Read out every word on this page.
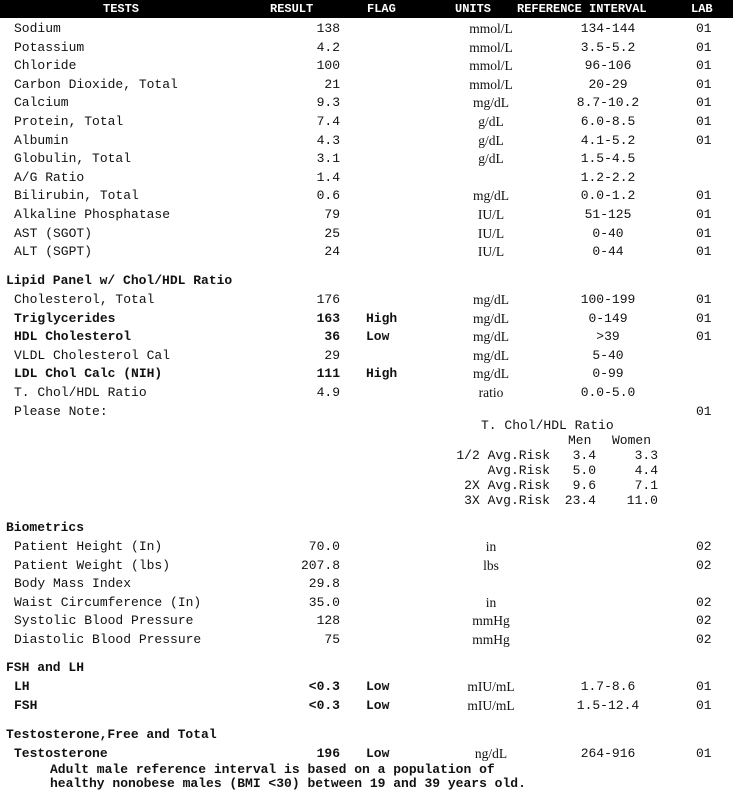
TESTS	RESULT	FLAG	UNITS REFERENCE INTERVAL	LAB
Sodium	138	mmol/L	134-144	01
Potassium	4.2	mmol/L	3.5-5.2	01
Chloride	100	mmol/L	96-106	01
Carbon Dioxide, Total	21	mmol/L	20-29	01
Calcium	9.3	mg/dL	8.7-10.2	01
Protein, Total	7.4	g/dL	6.0-8.5	01
Albumin	4.3	g/dL	4.1-5.2	01
Globulin, Total	3.1	g/dL	1.5-4.5
A/G Ratio	1.4	1.2-2.2
Bilirubin, Total	0.6	mg/dL	0.0-1.2	01
Alkaline Phosphatase	79	IU/L	51-125	01
AST (SGOT)	25	IU/L	0-40	01
ALT (SGPT)	24	IU/L	0-44	01
Lipid Panel w/ Chol/HDL Ratio
Cholesterol, Total	176	mg/dL	100-199	01
Triglycerides	163 High	mg/dL	0-149	01
HDL Cholesterol	36 Low	mg/dL	>39	01
VLDL Cholesterol Cal	29	mg/dL	5-40
LDL Chol Calc (NIH)	111 High	mg/dL	0-99
T. Chol/HDL Ratio	4.9	ratio	0.0-5.0
Please Note:	01
T. Chol/HDL Ratio
Men Women
1/2 Avg.Risk	3.4	3.3
Avg.Risk	5.0	4.4
2X Avg.Risk	9.6	7.1
3X Avg.Risk 23.4	11.0
Biometrics
Patient Height (In)	70.0	in	02
Patient Weight (lbs)	207.8	lbs	02
Body Mass Index	29.8
Waist Circumference (In)	35.0	in	02
Systolic Blood Pressure	128	mmHg	02
Diastolic Blood Pressure	75	mmHg	02
FSH and LH
LH	<0.3 Low	mIU/mL	1.7-8.6	01
FSH	<0.3 Low	mIU/mL	1.5-12.4	01
Testosterone,Free and Total
Testosterone	196 Low	ng/dL	264-916	01
Adult male reference interval is based on a population of
healthy nonobese males (BMI <30) between 19 and 39 years old.
